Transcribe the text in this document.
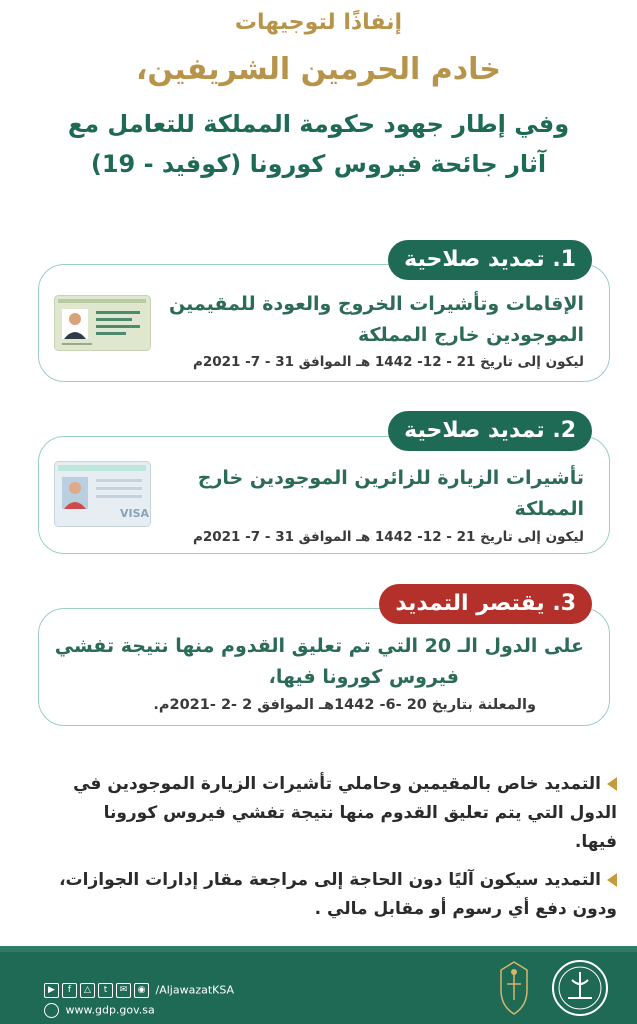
إنفاذًا لتوجيهات
خادم الحرمين الشريفين،
وفي إطار جهود حكومة المملكة للتعامل مع
آثار جائحة فيروس كورونا (كوفيد - 19)
الإقامات وتأشيرات الخروج والعودة للمقيمين
الموجودين خارج المملكة
ليكون إلى تاريخ 21 - 12- 1442 هـ الموافق 31 - 7- 2021م
1. تمديد صلاحية
تأشيرات الزيارة للزائرين الموجودين خارج
المملكة
ليكون إلى تاريخ 21 - 12- 1442 هـ الموافق 31 - 7- 2021م
VISA
2. تمديد صلاحية
على الدول الـ 20 التي تم تعليق القدوم منها نتيجة تفشي
فيروس كورونا فيها،
والمعلنة بتاريخ 20 -6- 1442هـ الموافق 2 -2 -2021م.
3. يقتصر التمديد
التمديد خاص بالمقيمين وحاملي تأشيرات الزيارة الموجودين في
الدول التي يتم تعليق القدوم منها نتيجة تفشي فيروس كورونا
فيها.
التمديد سيكون آليًا دون الحاجة إلى مراجعة مقار إدارات الجوازات،
ودون دفع أي رسوم أو مقابل مالي .
▶ f △ t ✉ ◉ /AljawazatKSA
www.gdp.gov.sa
